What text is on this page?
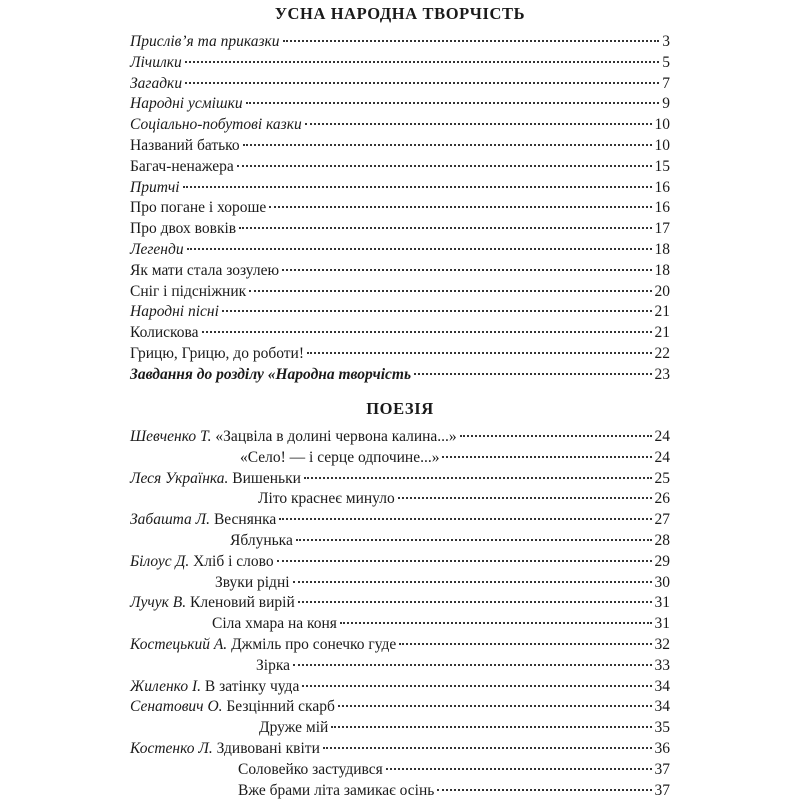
УСНА НАРОДНА ТВОРЧІСТЬ
Прислів’я та приказки	3
Лічилки	5
Загадки	7
Народні усмішки	9
Соціально-побутові казки	10
Названий батько	10
Багач-ненажера	15
Притчі	16
Про погане і хороше	16
Про двох вовків	17
Легенди	18
Як мати стала зозулею	18
Сніг і підсніжник	20
Народні пісні	21
Колискова	21
Грицю, Грицю, до роботи!	22
Завдання до розділу «Народна творчість	23
ПОЕЗІЯ
Шевченко Т. «Зацвіла в долині червона калина...»	24
«Село! — і серце одпочине...»	24
Леся Українка. Вишеньки	25
Літо краснеє минуло	26
Забашта Л. Веснянка	27
Яблунька	28
Білоус Д. Хліб і слово	29
Звуки рідні	30
Лучук В. Кленовий вирій	31
Сіла хмара на коня	31
Костецький А. Джміль про сонечко гуде	32
Зірка	33
Жиленко І. В затінку чуда	34
Сенатович О. Безцінний скарб	34
Друже мій	35
Костенко Л. Здивовані квіти	36
Соловейко застудився	37
Вже брами літа замикає осінь	37
